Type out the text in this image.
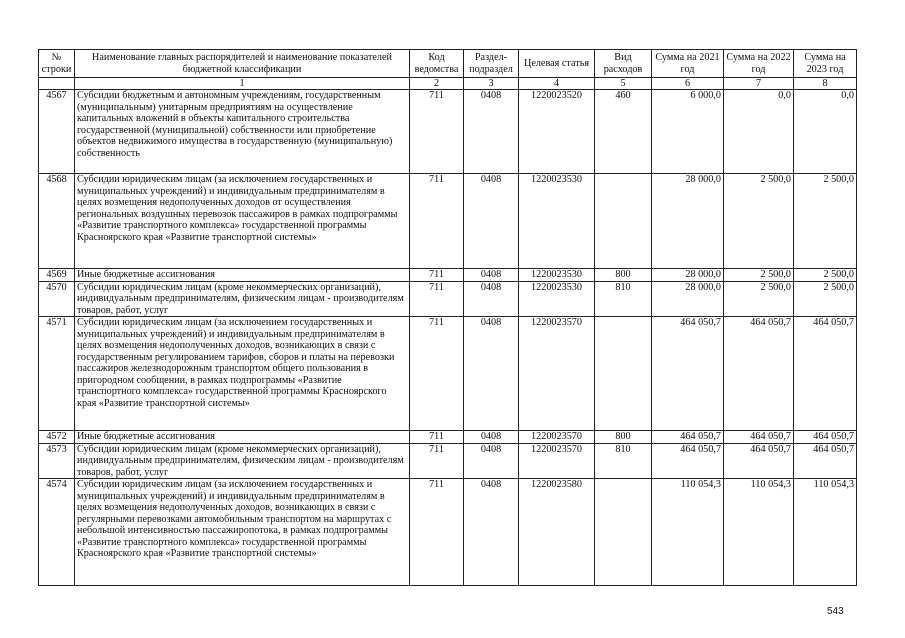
№ строки	Наименование главных распорядителей и наименование показателей бюджетной классификации	Код ведомства	Раздел-подраздел	Целевая статья	Вид расходов	Сумма на 2021 год	Сумма на 2022 год	Сумма на 2023 год
	1	2	3	4	5	6	7	8
4567	Субсидии бюджетным и автономным учреждениям, государственным (муниципальным) унитарным предприятиям на осуществление капитальных вложений в объекты капитального строительства государственной (муниципальной) собственности или приобретение объектов недвижимого имущества в государственную (муниципальную) собственность	711	0408	1220023520	460	6 000,0	0,0	0,0
4568	Субсидии юридическим лицам (за исключением государственных и муниципальных учреждений) и индивидуальным предпринимателям в целях возмещения недополученных доходов от осуществления региональных воздушных перевозок пассажиров в рамках подпрограммы «Развитие транспортного комплекса» государственной программы Красноярского края «Развитие транспортной системы»	711	0408	1220023530		28 000,0	2 500,0	2 500,0
4569	Иные бюджетные ассигнования	711	0408	1220023530	800	28 000,0	2 500,0	2 500,0
4570	Субсидии юридическим лицам (кроме некоммерческих организаций), индивидуальным предпринимателям, физическим лицам - производителям товаров, работ, услуг	711	0408	1220023530	810	28 000,0	2 500,0	2 500,0
4571	Субсидии юридическим лицам (за исключением государственных и муниципальных учреждений) и индивидуальным предпринимателям в целях возмещения недополученных доходов, возникающих в связи с государственным регулированием тарифов, сборов и платы на перевозки пассажиров железнодорожным транспортом общего пользования в пригородном сообщении, в рамках подпрограммы «Развитие транспортного комплекса» государственной программы Красноярского края «Развитие транспортной системы»	711	0408	1220023570		464 050,7	464 050,7	464 050,7
4572	Иные бюджетные ассигнования	711	0408	1220023570	800	464 050,7	464 050,7	464 050,7
4573	Субсидии юридическим лицам (кроме некоммерческих организаций), индивидуальным предпринимателям, физическим лицам - производителям товаров, работ, услуг	711	0408	1220023570	810	464 050,7	464 050,7	464 050,7
4574	Субсидии юридическим лицам (за исключением государственных и муниципальных учреждений) и индивидуальным предпринимателям в целях возмещения недополученных доходов, возникающих в связи с регулярными перевозками автомобильным транспортом на маршрутах с небольшой интенсивностью пассажиропотока, в рамках подпрограммы «Развитие транспортного комплекса» государственной программы Красноярского края «Развитие транспортной системы»	711	0408	1220023580		110 054,3	110 054,3	110 054,3
543
